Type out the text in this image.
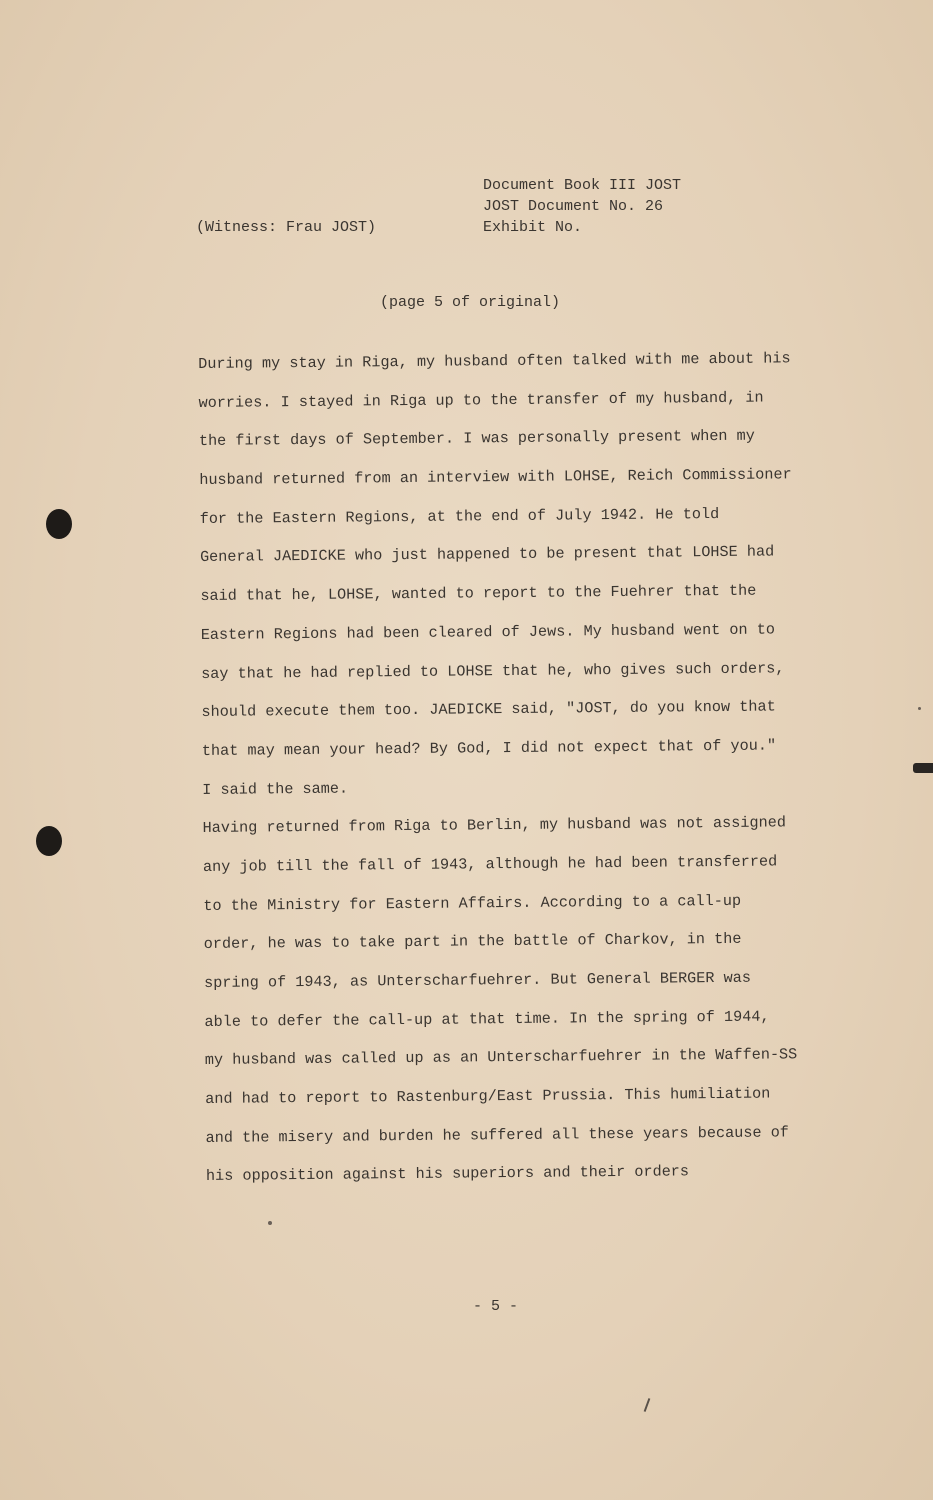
Document Book III JOST
JOST Document No. 26
Exhibit No.
(Witness: Frau JOST)
(page 5 of original)
During my stay in Riga, my husband often talked with me about his
worries. I stayed in Riga up to the transfer of my husband, in
the first days of September. I was personally present when my
husband returned from an interview with LOHSE, Reich Commissioner
for the Eastern Regions, at the end of July 1942. He told
General JAEDICKE who just happened to be present that LOHSE had
said that he, LOHSE, wanted to report to the Fuehrer that the
Eastern Regions had been cleared of Jews. My husband went on to
say that he had replied to LOHSE that he, who gives such orders,
should execute them too. JAEDICKE said, "JOST, do you know that
that may mean your head? By God, I did not expect that of you."
I said the same.
Having returned from Riga to Berlin, my husband was not assigned
any job till the fall of 1943, although he had been transferred
to the Ministry for Eastern Affairs. According to a call-up
order, he was to take part in the battle of Charkov, in the
spring of 1943, as Unterscharfuehrer. But General BERGER was
able to defer the call-up at that time. In the spring of 1944,
my husband was called up as an Unterscharfuehrer in the Waffen-SS
and had to report to Rastenburg/East Prussia. This humiliation
and the misery and burden he suffered all these years because of
his opposition against his superiors and their orders
- 5 -
